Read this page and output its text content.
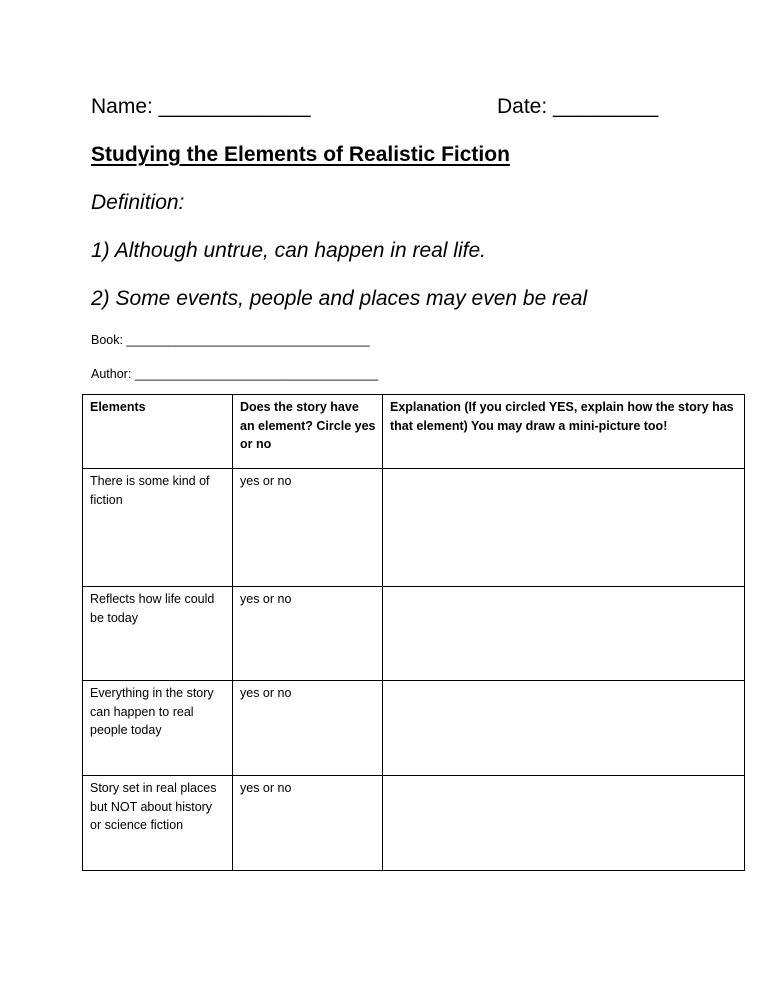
Name: _____________	Date: _________
Studying the Elements of Realistic Fiction
Definition:
1) Although untrue, can happen in real life.
2) Some events, people and places may even be real
Book: ___________________________________
Author: ___________________________________
Elements	Does the story have an element? Circle yes or no	Explanation (If you circled YES, explain how the story has that element) You may draw a mini-picture too!
There is some kind of fiction	yes or no	
Reflects how life could be today	yes or no	
Everything in the story can happen to real people today	yes or no	
Story set in real places but NOT about history or science fiction	yes or no	
